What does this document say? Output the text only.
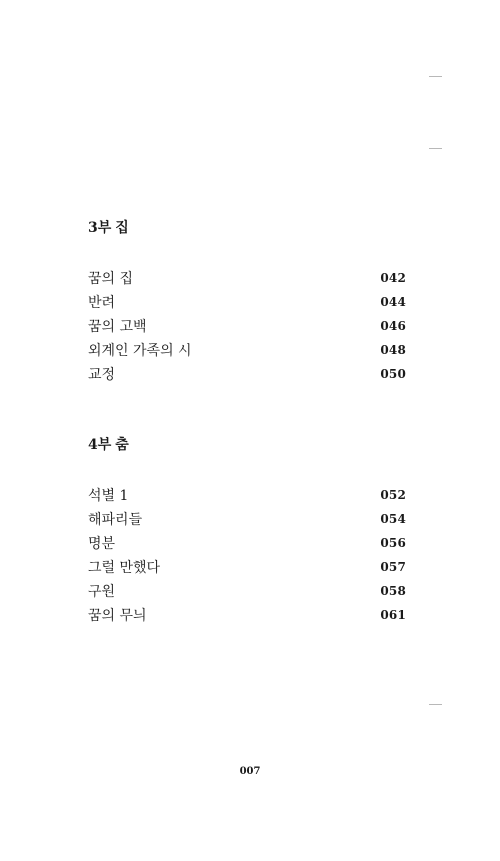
3부 집
꿈의 집	042
반려	044
꿈의 고백	046
외계인 가족의 시	048
교정	050
4부 춤
석별 1	052
해파리들	054
명분	056
그럴 만했다	057
구원	058
꿈의 무늬	061
007
